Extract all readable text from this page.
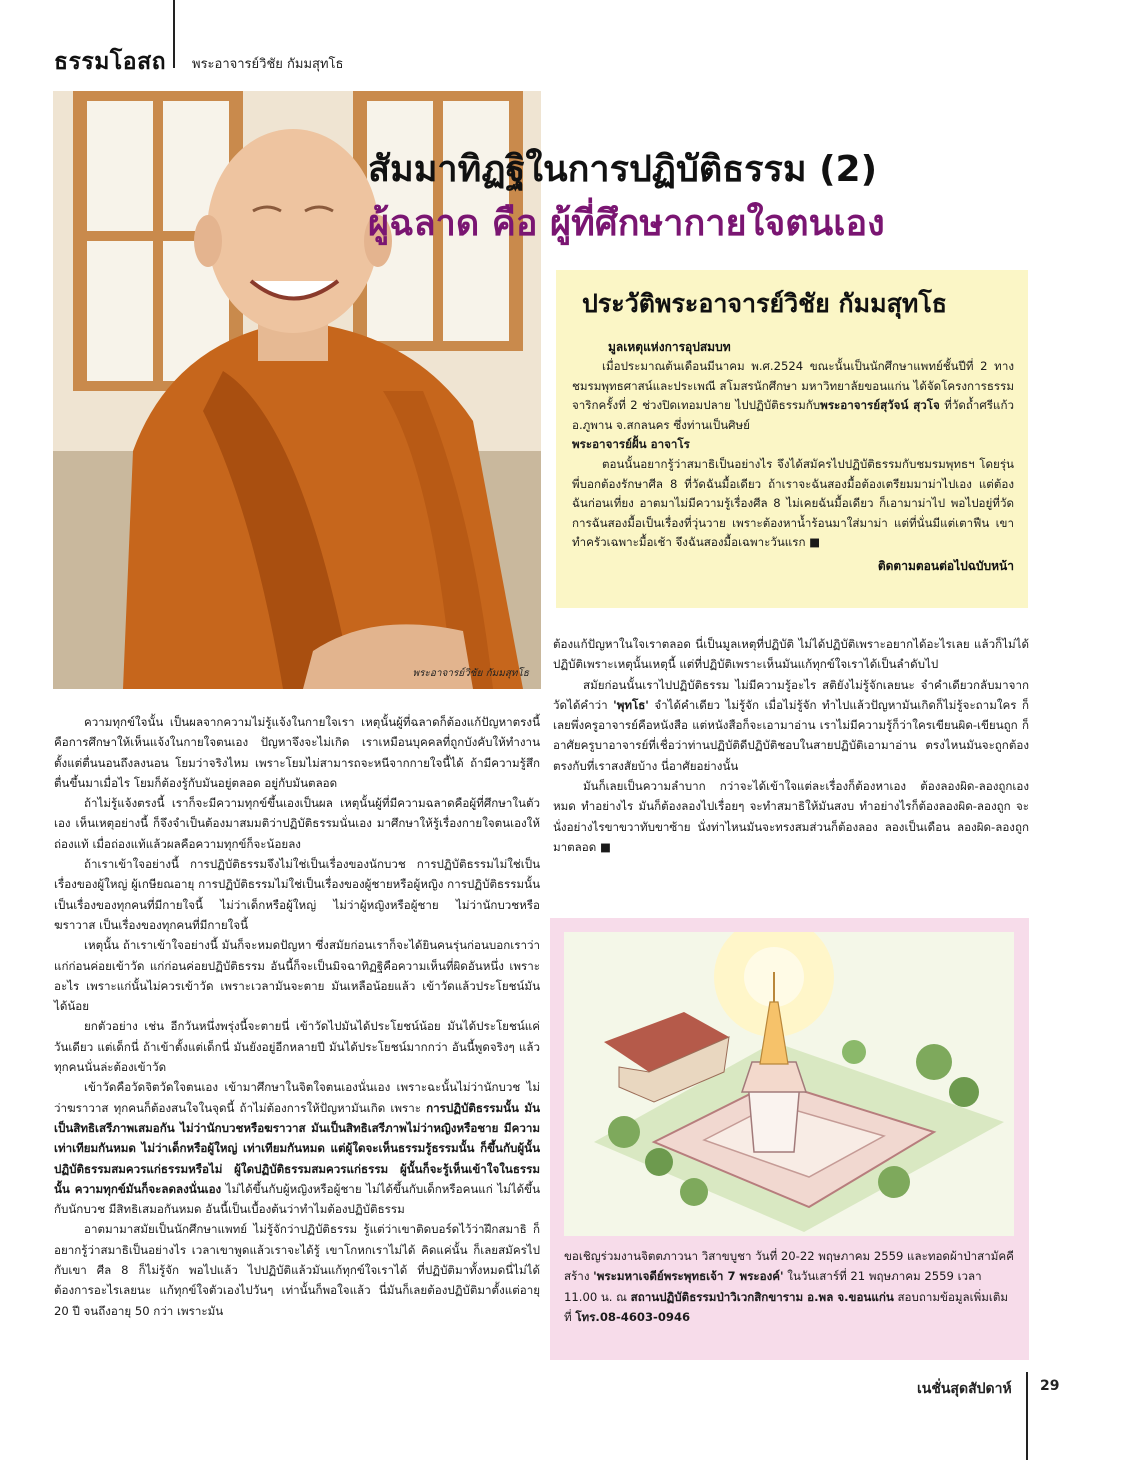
ธรรมโอสถ พระอาจารย์วิชัย กัมมสุทโธ
พระอาจารย์วิชัย กัมมสุทโธ
สัมมาทิฏฐิในการปฏิบัติธรรม (2)
ผู้ฉลาด คือ ผู้ที่ศึกษากายใจตนเอง
ประวัติพระอาจารย์วิชัย กัมมสุทโธ
มูลเหตุแห่งการอุปสมบท

เมื่อประมาณต้นเดือนมีนาคม พ.ศ.2524 ขณะนั้นเป็นนักศึกษาแพทย์ชั้นปีที่ 2 ทางชมรมพุทธศาสน์และประเพณี สโมสรนักศึกษา มหาวิทยาลัยขอนแก่น ได้จัดโครงการธรรมจาริกครั้งที่ 2 ช่วงปิดเทอมปลาย ไปปฏิบัติธรรมกับพระอาจารย์สุวัจน์ สุวโจ ที่วัดถ้ำศรีแก้ว อ.ภูพาน จ.สกลนคร ซึ่งท่านเป็นศิษย์
พระอาจารย์ฝั้น อาจาโร

ตอนนั้นอยากรู้ว่าสมาธิเป็นอย่างไร จึงได้สมัครไปปฏิบัติธรรมกับชมรมพุทธฯ โดยรุ่นพี่บอกต้องรักษาศีล 8 ที่วัดฉันมื้อเดียว ถ้าเราจะฉันสองมื้อต้องเตรียมมาม่าไปเอง แต่ต้องฉันก่อนเที่ยง อาตมาไม่มีความรู้เรื่องศีล 8 ไม่เคยฉันมื้อเดียว ก็เอามาม่าไป พอไปอยู่ที่วัดการฉันสองมื้อเป็นเรื่องที่วุ่นวาย เพราะต้องหาน้ำร้อนมาใส่มาม่า แต่ที่นั่นมีแต่เตาฟืน เขาทำครัวเฉพาะมื้อเช้า จึงฉันสองมื้อเฉพาะวันแรก ■

ติดตามตอนต่อไปฉบับหน้า

ความทุกข์ใจนั้น เป็นผลจากความไม่รู้แจ้งในกายใจเรา เหตุนั้นผู้ที่ฉลาดก็ต้องแก้ปัญหาตรงนี้ คือการศึกษาให้เห็นแจ้งในกายใจตนเอง ปัญหาจึงจะไม่เกิด เราเหมือนบุคคลที่ถูกบังคับให้ทำงานตั้งแต่ตื่นนอนถึงลงนอน โยมว่าจริงไหม เพราะโยมไม่สามารถจะหนีจากกายใจนี้ได้ ถ้ามีความรู้สึกตื่นขึ้นมาเมื่อไร โยมก็ต้องรู้กับมันอยู่ตลอด อยู่กับมันตลอด

ถ้าไม่รู้แจ้งตรงนี้ เราก็จะมีความทุกข์ขึ้นเองเป็นผล เหตุนั้นผู้ที่มีความฉลาดคือผู้ที่ศึกษาในตัวเอง เห็นเหตุอย่างนี้ ก็จึงจำเป็นต้องมาสมมติว่าปฏิบัติธรรมนั่นเอง มาศึกษาให้รู้เรื่องกายใจตนเองให้ถ่องแท้ เมื่อถ่องแท้แล้วผลคือความทุกข์ก็จะน้อยลง

ถ้าเราเข้าใจอย่างนี้ การปฏิบัติธรรมจึงไม่ใช่เป็นเรื่องของนักบวช การปฏิบัติธรรมไม่ใช่เป็นเรื่องของผู้ใหญ่ ผู้เกษียณอายุ การปฏิบัติธรรมไม่ใช่เป็นเรื่องของผู้ชายหรือผู้หญิง การปฏิบัติธรรมนั้นเป็นเรื่องของทุกคนที่มีกายใจนี้ ไม่ว่าเด็กหรือผู้ใหญ่ ไม่ว่าผู้หญิงหรือผู้ชาย ไม่ว่านักบวชหรือฆราวาส เป็นเรื่องของทุกคนที่มีกายใจนี้

เหตุนั้น ถ้าเราเข้าใจอย่างนี้ มันก็จะหมดปัญหา ซึ่งสมัยก่อนเราก็จะได้ยินคนรุ่นก่อนบอกเราว่า แก่ก่อนค่อยเข้าวัด แก่ก่อนค่อยปฏิบัติธรรม อันนี้ก็จะเป็นมิจฉาทิฏฐิคือความเห็นที่ผิดอันหนึ่ง เพราะอะไร เพราะแก่นั้นไม่ควรเข้าวัด เพราะเวลามันจะตาย มันเหลือน้อยแล้ว เข้าวัดแล้วประโยชน์มันได้น้อย

ยกตัวอย่าง เช่น อีกวันหนึ่งพรุ่งนี้จะตายนี่ เข้าวัดไปมันได้ประโยชน์น้อย มันได้ประโยชน์แค่วันเดียว แต่เด็กนี่ ถ้าเข้าตั้งแต่เด็กนี่ มันยังอยู่อีกหลายปี มันได้ประโยชน์มากกว่า อันนี้พูดจริงๆ แล้วทุกคนนั่นล่ะต้องเข้าวัด

เข้าวัดคือวัดจิตวัดใจตนเอง เข้ามาศึกษาในจิตใจตนเองนั่นเอง เพราะฉะนั้นไม่ว่านักบวช ไม่ว่าฆราวาส ทุกคนก็ต้องสนใจในจุดนี้ ถ้าไม่ต้องการให้ปัญหามันเกิด เพราะ การปฏิบัติธรรมนั้น มันเป็นสิทธิเสรีภาพเสมอกัน ไม่ว่านักบวชหรือฆราวาส มันเป็นสิทธิเสรีภาพไม่ว่าหญิงหรือชาย มีความเท่าเทียมกันหมด ไม่ว่าเด็กหรือผู้ใหญ่ เท่าเทียมกันหมด แต่ผู้ใดจะเห็นธรรมรู้ธรรมนั้น ก็ขึ้นกับผู้นั้นปฏิบัติธรรมสมควรแก่ธรรมหรือไม่ ผู้ใดปฏิบัติธรรมสมควรแก่ธรรม ผู้นั้นก็จะรู้เห็นเข้าใจในธรรมนั้น ความทุกข์มันก็จะลดลงนั่นเอง ไม่ได้ขึ้นกับผู้หญิงหรือผู้ชาย ไม่ได้ขึ้นกับเด็กหรือคนแก่ ไม่ได้ขึ้นกับนักบวช มีสิทธิเสมอกันหมด อันนี้เป็นเบื้องต้นว่าทำไมต้องปฏิบัติธรรม

อาตมามาสมัยเป็นนักศึกษาแพทย์ ไม่รู้จักว่าปฏิบัติธรรม รู้แต่ว่าเขาติดบอร์ดไว้ว่าฝึกสมาธิ ก็อยากรู้ว่าสมาธิเป็นอย่างไร เวลาเขาพูดแล้วเราจะได้รู้ เขาโกหกเราไม่ได้ คิดแค่นั้น ก็เลยสมัครไปกับเขา ศีล 8 ก็ไม่รู้จัก พอไปแล้ว ไปปฏิบัติแล้วมันแก้ทุกข์ใจเราได้ ที่ปฏิบัติมาทั้งหมดนี่ไม่ได้ต้องการอะไรเลยนะ แก้ทุกข์ใจตัวเองไปวันๆ เท่านั้นก็พอใจแล้ว นี่มันก็เลยต้องปฏิบัติมาตั้งแต่อายุ 20 ปี จนถึงอายุ 50 กว่า เพราะมัน

ต้องแก้ปัญหาในใจเราตลอด นี่เป็นมูลเหตุที่ปฏิบัติ ไม่ได้ปฏิบัติเพราะอยากได้อะไรเลย แล้วก็ไม่ได้ปฏิบัติเพราะเหตุนั้นเหตุนี้ แต่ที่ปฏิบัติเพราะเห็นมันแก้ทุกข์ใจเราได้เป็นลำดับไป

สมัยก่อนนั้นเราไปปฏิบัติธรรม ไม่มีความรู้อะไร สติยังไม่รู้จักเลยนะ จำคำเดียวกลับมาจากวัดได้คำว่า 'พุทโธ' จำได้คำเดียว ไม่รู้จัก เมื่อไม่รู้จัก ทำไปแล้วปัญหามันเกิดก็ไม่รู้จะถามใคร ก็เลยพึ่งครูอาจารย์คือหนังสือ แต่หนังสือก็จะเอามาอ่าน เราไม่มีความรู้ก็ว่าใครเขียนผิด-เขียนถูก ก็อาศัยครูบาอาจารย์ที่เชื่อว่าท่านปฏิบัติดีปฏิบัติชอบในสายปฏิบัติเอามาอ่าน ตรงไหนมันจะถูกต้องตรงกับที่เราสงสัยบ้าง นี่อาศัยอย่างนั้น

มันก็เลยเป็นความลำบาก กว่าจะได้เข้าใจแต่ละเรื่องก็ต้องหาเอง ต้องลองผิด-ลองถูกเองหมด ทำอย่างไร มันก็ต้องลองไปเรื่อยๆ จะทำสมาธิให้มันสงบ ทำอย่างไรก็ต้องลองผิด-ลองถูก จะนั่งอย่างไรขาขวาทับขาซ้าย นั่งท่าไหนมันจะทรงสมส่วนก็ต้องลอง ลองเป็นเดือน ลองผิด-ลองถูกมาตลอด ■

ขอเชิญร่วมงานจิตตภาวนา วิสาขบูชา วันที่ 20-22 พฤษภาคม 2559 และทอดผ้าป่าสามัคคี สร้าง 'พระมหาเจดีย์พระพุทธเจ้า 7 พระองค์' ในวันเสาร์ที่ 21 พฤษภาคม 2559 เวลา 11.00 น. ณ สถานปฏิบัติธรรมป่าวิเวกสิกขาราม อ.พล จ.ขอนแก่น สอบถามข้อมูลเพิ่มเติมที่ โทร.08-4603-0946
เนชั่นสุดสัปดาห์ 29
